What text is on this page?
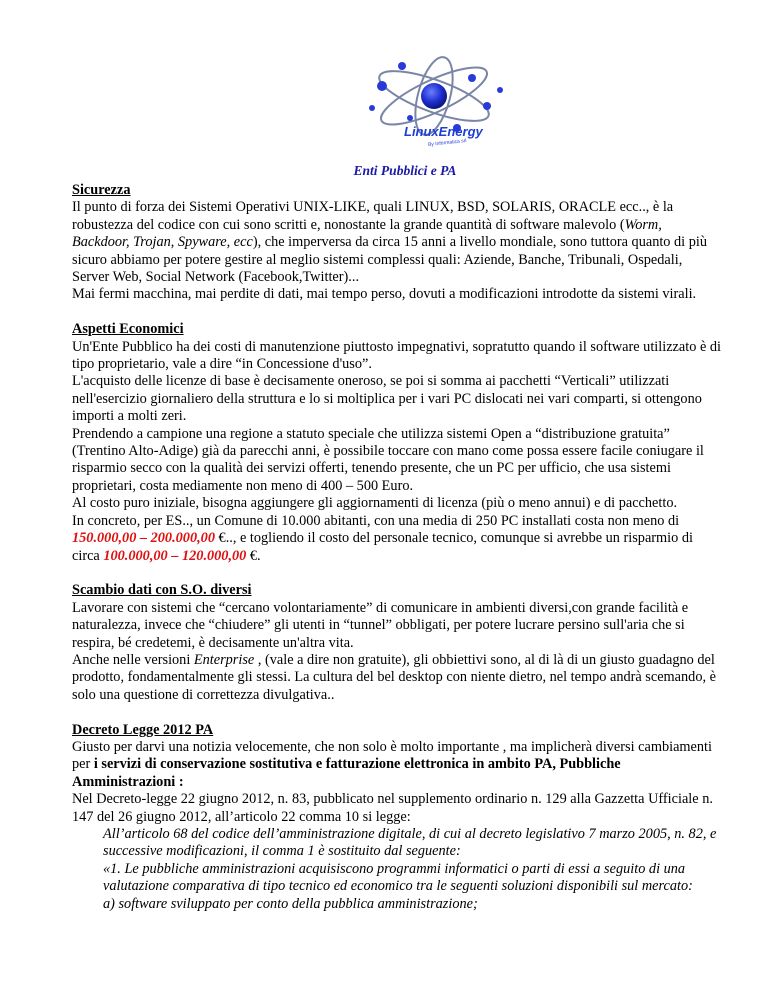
LinuxEnergy
By Informatica srl
Enti Pubblici e PA
Sicurezza

Il punto di forza dei Sistemi Operativi UNIX-LIKE, quali LINUX, BSD, SOLARIS, ORACLE ecc.., è la robustezza del codice con cui sono scritti e, nonostante la grande quantità di software malevolo (Worm, Backdoor, Trojan, Spyware, ecc), che imperversa da circa 15 anni a livello mondiale, sono tuttora quanto di più sicuro abbiamo per potere gestire al meglio sistemi complessi quali: Aziende, Banche, Tribunali, Ospedali, Server Web, Social Network (Facebook,Twitter)...

Mai fermi macchina, mai perdite di dati, mai tempo perso, dovuti a modificazioni introdotte da sistemi virali.

Aspetti Economici

Un'Ente Pubblico ha dei costi di manutenzione piuttosto impegnativi, sopratutto quando il software utilizzato è di tipo proprietario, vale a dire “in Concessione d'uso”.

L'acquisto delle licenze di base è decisamente oneroso, se poi si somma ai pacchetti “Verticali” utilizzati nell'esercizio giornaliero della struttura e lo si moltiplica per i vari PC dislocati nei vari comparti, si ottengono importi a molti zeri.

Prendendo a campione una regione a statuto speciale che utilizza sistemi Open a “distribuzione gratuita” (Trentino Alto-Adige) già da parecchi anni, è possibile toccare con mano come possa essere facile coniugare il risparmio secco con la qualità dei servizi offerti, tenendo presente, che un PC per ufficio, che usa sistemi proprietari, costa mediamente non meno di 400 – 500 Euro.

Al costo puro iniziale, bisogna aggiungere gli aggiornamenti di licenza (più o meno annui) e di pacchetto.

In concreto, per ES.., un Comune di 10.000 abitanti, con una media di 250 PC installati costa non meno di 150.000,00 – 200.000,00 €.., e togliendo il costo del personale tecnico, comunque si avrebbe un risparmio di circa 100.000,00 – 120.000,00 €.

Scambio dati con S.O. diversi

Lavorare con sistemi che “cercano volontariamente” di comunicare in ambienti diversi,con grande facilità e naturalezza, invece che “chiudere” gli utenti in “tunnel” obbligati, per potere lucrare persino sull'aria che si respira, bé credetemi, è decisamente un'altra vita.

Anche nelle versioni Enterprise , (vale a dire non gratuite), gli obbiettivi sono, al di là di un giusto guadagno del prodotto, fondamentalmente gli stessi. La cultura del bel desktop con niente dietro, nel tempo andrà scemando, è solo una questione di correttezza divulgativa..

Decreto Legge 2012 PA

Giusto per darvi una notizia velocemente, che non solo è molto importante , ma implicherà diversi cambiamenti per i servizi di conservazione sostitutiva e fatturazione elettronica in ambito PA, Pubbliche Amministrazioni :

Nel Decreto-legge 22 giugno 2012, n. 83, pubblicato nel supplemento ordinario n. 129 alla Gazzetta Ufficiale n. 147 del 26 giugno 2012, all’articolo 22 comma 10 si legge:

All’articolo 68 del codice dell’amministrazione digitale, di cui al decreto legislativo 7 marzo 2005, n. 82, e successive modificazioni, il comma 1 è sostituito dal seguente:

«1. Le pubbliche amministrazioni acquisiscono programmi informatici o parti di essi a seguito di una valutazione comparativa di tipo tecnico ed economico tra le seguenti soluzioni disponibili sul mercato:

a) software sviluppato per conto della pubblica amministrazione;
